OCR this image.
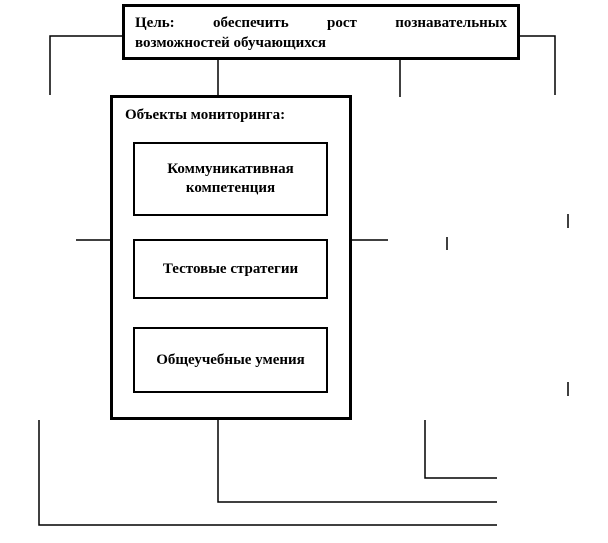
Цель: обеспечить рост познавательных

возможностей обучающихся

Объекты мониторинга:
Коммуникативная компетенция
Тестовые стратегии
Общеучебные умения
